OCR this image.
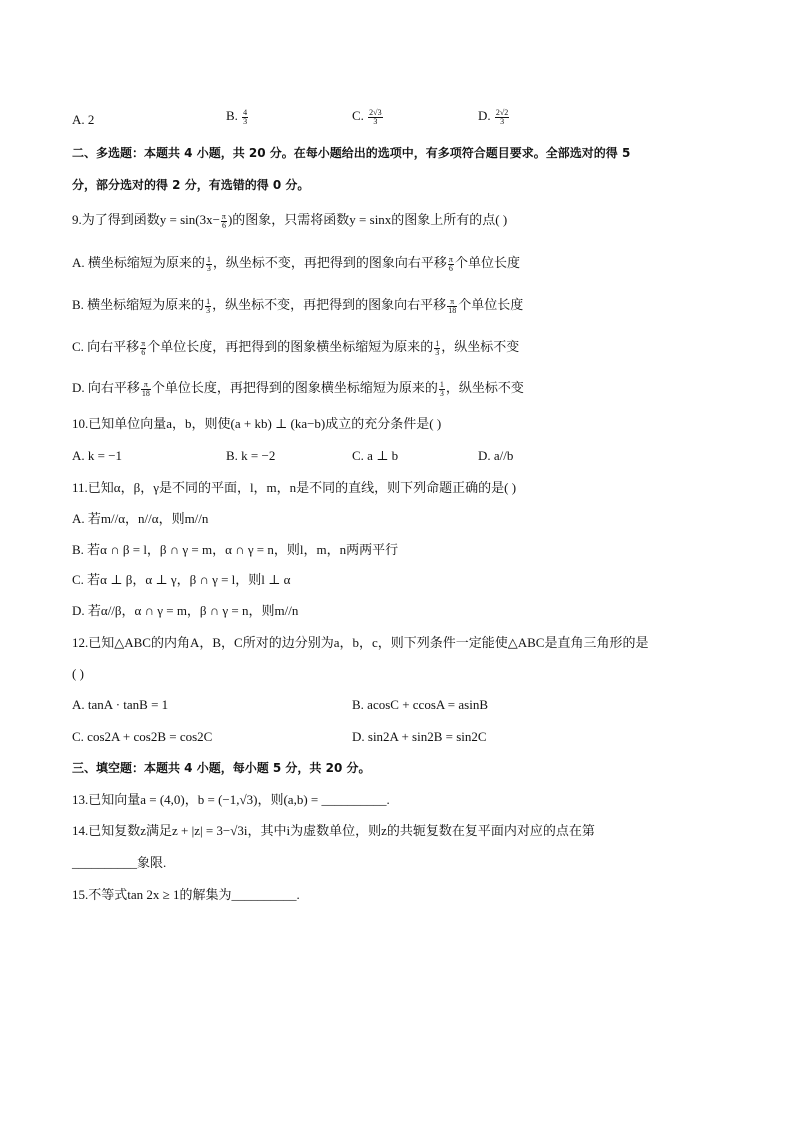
A. 2	B. $\frac{4}{3}$	C. $\frac{2√3}{3}$	D. $\frac{2√2}{3}$
二、多选题：本题共 4 小题，共 20 分。在每小题给出的选项中，有多项符合题目要求。全部选对的得 5
分，部分选对的得 2 分，有选错的得 0 分。
9.为了得到函数$y = \sin(3x- \frac{\pi}{6}$ )的图象，只需将函数y = sinx的图象上所有的点( )
A. 横坐标缩短为原来的 $\frac{1}{3}$ ，纵坐标不变，再把得到的图象向右平移 $\frac{\pi}{6}$ 个单位长度
B. 横坐标缩短为原来的 $\frac{1}{3}$ ，纵坐标不变，再把得到的图象向右平移 $\frac{\pi}{18}$ 个单位长度
C. 向右平移 $\frac{\pi}{6}$ 个单位长度，再把得到的图象横坐标缩短为原来的 $\frac{1}{3}$ ，纵坐标不变
D. 向右平移 $\frac{\pi}{18}$ 个单位长度，再把得到的图象横坐标缩短为原来的 $\frac{1}{3}$ ，纵坐标不变
10.已知单位向量a，b，则使(a + kb) ⊥ (ka−b)成立的充分条件是( )
A. k = −1	B. k = −2	C. a ⊥ b	D. a//b
11.已知α，β，γ是不同的平面，l，m，n是不同的直线，则下列命题正确的是( )
A. 若m//α，n//α，则m//n
B. 若α ∩ β = l，β ∩ γ = m，α ∩ γ = n，则l，m，n两两平行
C. 若α ⊥ β，α ⊥ γ，β ∩ γ = l，则l ⊥ α
D. 若α//β，α ∩ γ = m，β ∩ γ = n，则m//n
12.已知△ABC的内角A，B，C所对的边分别为a，b，c，则下列条件一定能使△ABC是直角三角形的是
( )
A. tanA · tanB = 1	B. acosC + ccosA = asinB
C. cos2A + cos2B = cos2C	D. sin2A + sin2B = sin2C
三、填空题：本题共 4 小题，每小题 5 分，共 20 分。
13.已知向量a = (4,0)，b = (−1,√3)，则(a,b) = __________.
14.已知复数z满足z + |z| = 3−√3i，其中i为虚数单位，则z的共轭复数在复平面内对应的点在第
__________象限.
15.不等式tan 2x ≥ 1的解集为__________.
